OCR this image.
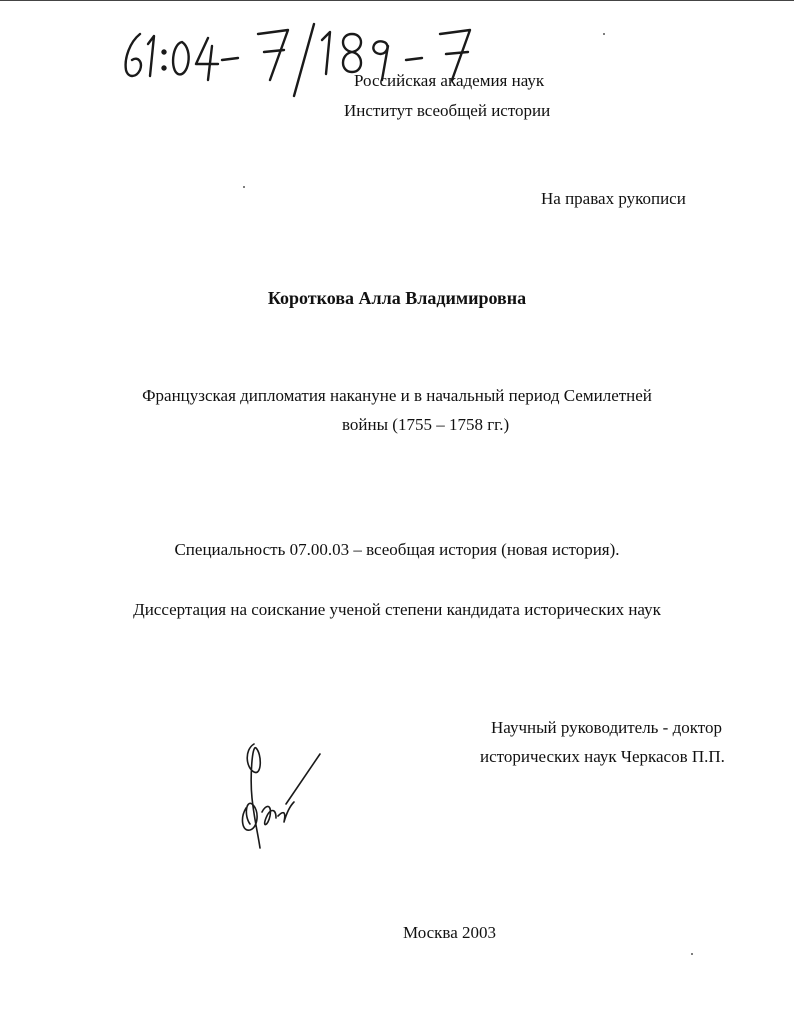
Российская академия наук

Институт всеобщей истории

На правах рукописи

Короткова Алла Владимировна

Французская дипломатия накануне и в начальный период Семилетней

войны (1755 – 1758 гг.)

Специальность 07.00.03 – всеобщая история (новая история).

Диссертация на соискание ученой степени кандидата исторических наук

Научный руководитель - доктор

исторических наук Черкасов П.П.

Москва 2003
